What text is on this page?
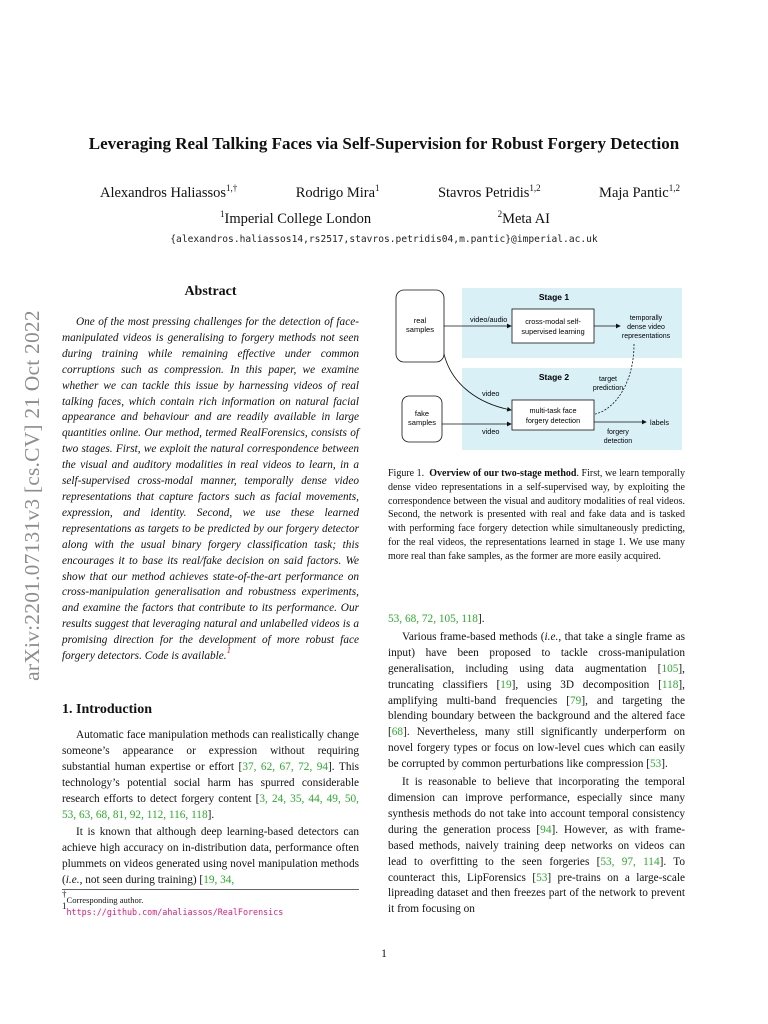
arXiv:2201.07131v3 [cs.CV] 21 Oct 2022
Leveraging Real Talking Faces via Self-Supervision for Robust Forgery Detection
Alexandros Haliassos$^{1,\dagger}$	Rodrigo Mira$^1$	Stavros Petridis$^{1,2}$	Maja Pantic$^{1,2}$
$^1$Imperial College London	$^2$Meta AI
{alexandros.haliassos14,rs2517,stavros.petridis04,m.pantic}@imperial.ac.uk
Abstract

One of the most pressing challenges for the detection of face-manipulated videos is generalising to forgery methods not seen during training while remaining effective under common corruptions such as compression. In this paper, we examine whether we can tackle this issue by harnessing videos of real talking faces, which contain rich information on natural facial appearance and behaviour and are readily available in large quantities online. Our method, termed RealForensics, consists of two stages. First, we exploit the natural correspondence between the visual and auditory modalities in real videos to learn, in a self-supervised cross-modal manner, temporally dense video representations that capture factors such as facial movements, expression, and identity. Second, we use these learned representations as targets to be predicted by our forgery detector along with the usual binary forgery classification task; this encourages it to base its real/fake decision on said factors. We show that our method achieves state-of-the-art performance on cross-manipulation generalisation and robustness experiments, and examine the factors that contribute to its performance. Our results suggest that leveraging natural and unlabelled videos is a promising direction for the development of more robust face forgery detectors. Code is available.$^1$

1. Introduction

Automatic face manipulation methods can realistically change someone’s appearance or expression without requiring substantial human expertise or effort [37, 62, 67, 72, 94]. This technology’s potential social harm has spurred considerable research efforts to detect forgery content [3, 24, 35, 44, 49, 50, 53, 63, 68, 81, 92, 112, 116, 118].

It is known that although deep learning-based detectors can achieve high accuracy on in-distribution data, performance often plummets on videos generated using novel manipulation methods (i.e., not seen during training) [19, 34,

†Corresponding author.
$^1$https://github.com/ahaliassos/RealForensics
Stage 1
Stage 2
real
samples
fake
samples
cross-modal self-
supervised learning
multi-task face
forgery detection
video/audio	temporally
dense video
representations
video
video
target
prediction
labels
forgery
detection
Figure 1. Overview of our two-stage method. First, we learn temporally dense video representations in a self-supervised way, by exploiting the correspondence between the visual and auditory modalities of real videos. Second, the network is presented with real and fake data and is tasked with performing face forgery detection while simultaneously predicting, for the real videos, the representations learned in stage 1. We use many more real than fake samples, as the former are more easily acquired.

53, 68, 72, 105, 118].

Various frame-based methods (i.e., that take a single frame as input) have been proposed to tackle cross-manipulation generalisation, including using data augmentation [105], truncating classifiers [19], using 3D decomposition [118], amplifying multi-band frequencies [79], and targeting the blending boundary between the background and the altered face [68]. Nevertheless, many still significantly underperform on novel forgery types or focus on low-level cues which can easily be corrupted by common perturbations like compression [53].

It is reasonable to believe that incorporating the temporal dimension can improve performance, especially since many synthesis methods do not take into account temporal consistency during the generation process [94]. However, as with frame-based methods, naively training deep networks on videos can lead to overfitting to the seen forgeries [53, 97, 114]. To counteract this, LipForensics [53] pre-trains on a large-scale lipreading dataset and then freezes part of the network to prevent it from focusing on

1
